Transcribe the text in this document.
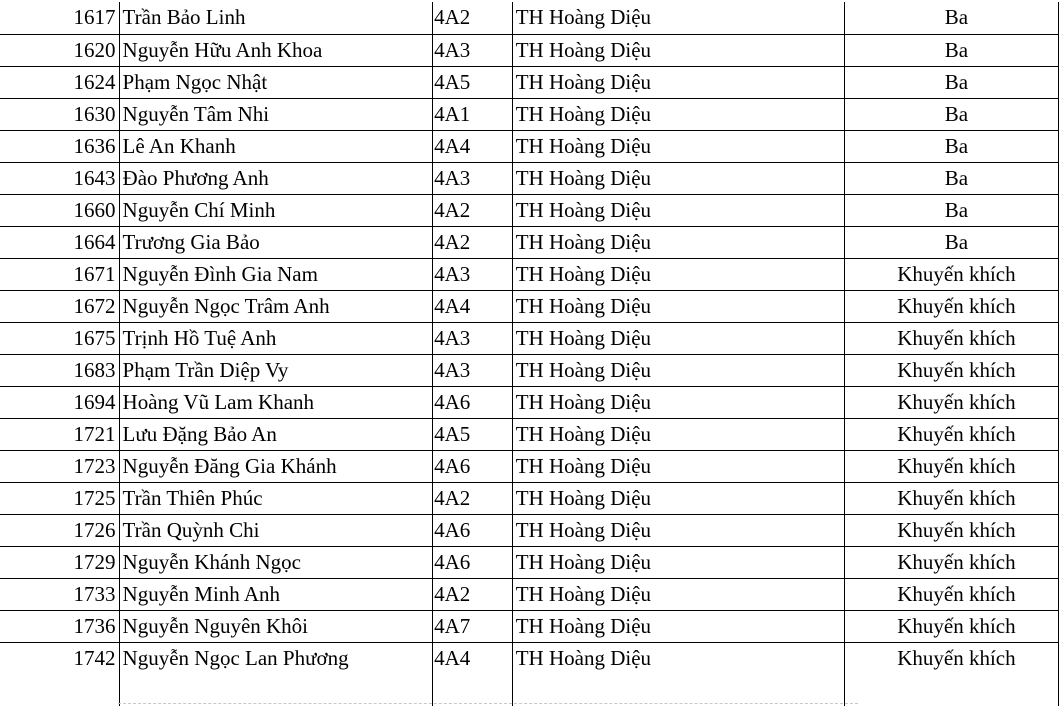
1617	Trần Bảo Linh	4A2	TH Hoàng Diệu	Ba
1620	Nguyễn Hữu Anh Khoa	4A3	TH Hoàng Diệu	Ba
1624	Phạm Ngọc Nhật	4A5	TH Hoàng Diệu	Ba
1630	Nguyễn Tâm Nhi	4A1	TH Hoàng Diệu	Ba
1636	Lê An Khanh	4A4	TH Hoàng Diệu	Ba
1643	Đào Phương Anh	4A3	TH Hoàng Diệu	Ba
1660	Nguyễn Chí Minh	4A2	TH Hoàng Diệu	Ba
1664	Trương Gia Bảo	4A2	TH Hoàng Diệu	Ba
1671	Nguyễn Đình Gia Nam	4A3	TH Hoàng Diệu	Khuyến khích
1672	Nguyễn Ngọc Trâm Anh	4A4	TH Hoàng Diệu	Khuyến khích
1675	Trịnh Hồ Tuệ Anh	4A3	TH Hoàng Diệu	Khuyến khích
1683	Phạm Trần Diệp Vy	4A3	TH Hoàng Diệu	Khuyến khích
1694	Hoàng Vũ Lam Khanh	4A6	TH Hoàng Diệu	Khuyến khích
1721	Lưu Đặng Bảo An	4A5	TH Hoàng Diệu	Khuyến khích
1723	Nguyễn Đăng Gia Khánh	4A6	TH Hoàng Diệu	Khuyến khích
1725	Trần Thiên Phúc	4A2	TH Hoàng Diệu	Khuyến khích
1726	Trần Quỳnh Chi	4A6	TH Hoàng Diệu	Khuyến khích
1729	Nguyễn Khánh Ngọc	4A6	TH Hoàng Diệu	Khuyến khích
1733	Nguyễn Minh Anh	4A2	TH Hoàng Diệu	Khuyến khích
1736	Nguyễn Nguyên Khôi	4A7	TH Hoàng Diệu	Khuyến khích
1742	Nguyễn Ngọc Lan Phương	4A4	TH Hoàng Diệu	Khuyến khích
